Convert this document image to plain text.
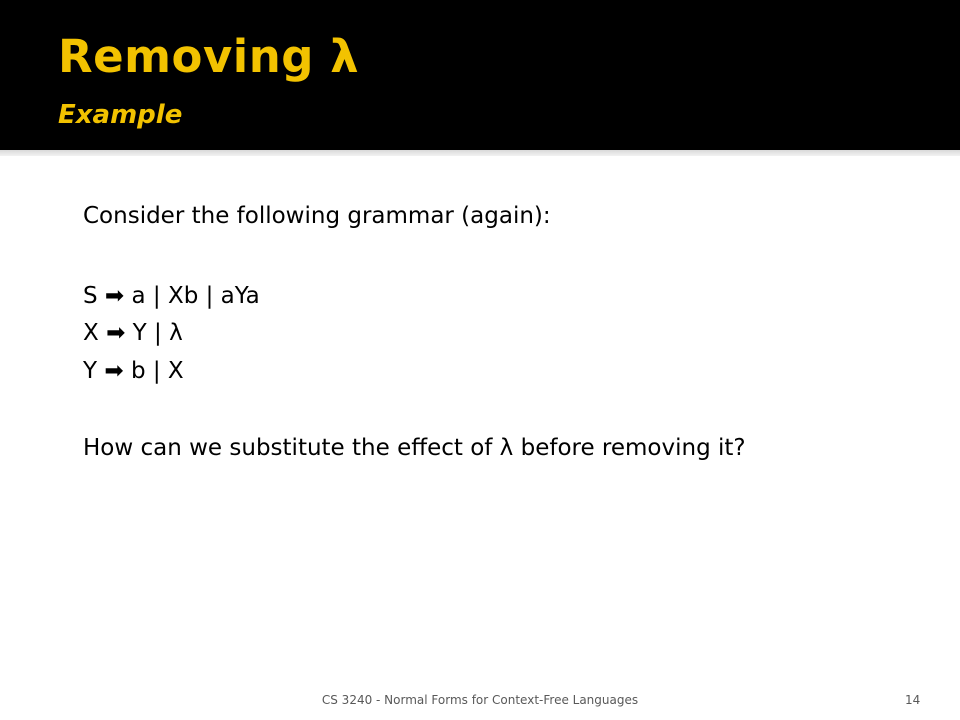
Removing λ
Example

Consider the following grammar (again):

S ➡ a | Xb | aYa

X ➡ Y | λ

Y ➡ b | X

How can we substitute the effect of λ before removing it?

CS 3240 - Normal Forms for Context-Free Languages	14
